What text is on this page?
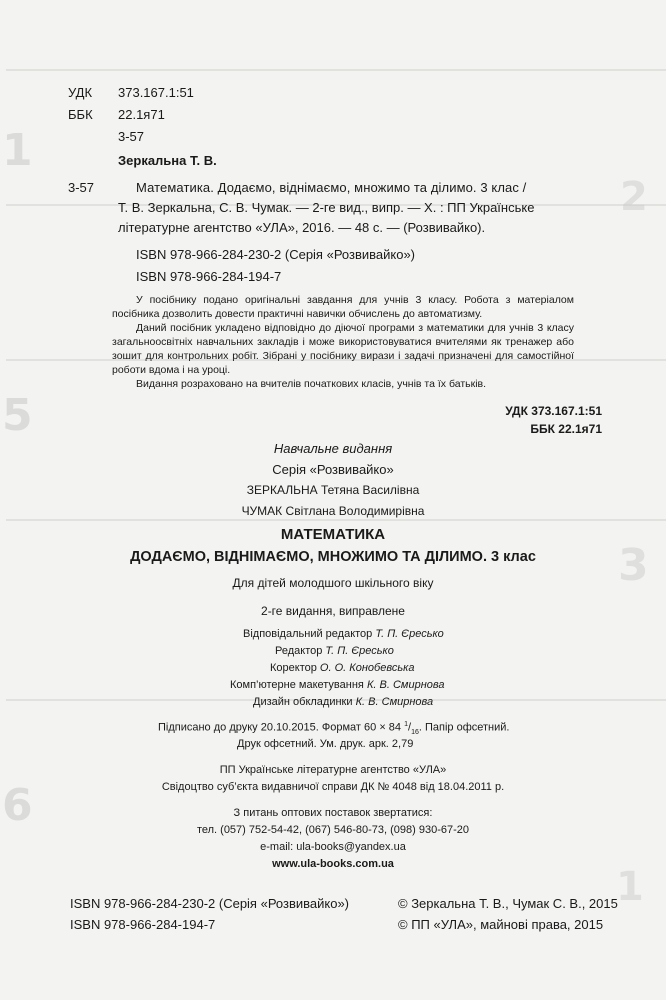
1
5
6
3
2
1
УДК 373.167.1:51
ББК 22.1я71
3-57
Зеркальна Т. В.
3-57	Математика. Додаємо, віднімаємо, множимо та ділимо. 3 клас /
Т. В. Зеркальна, С. В. Чумак. — 2-ге вид., випр. — Х. : ПП Українське
літературне агентство «УЛА», 2016. — 48 с. — (Розвивайко).
ISBN 978-966-284-230-2 (Серія «Розвивайко»)
ISBN 978-966-284-194-7

У посібнику подано оригінальні завдання для учнів 3 класу. Робота з матеріалом посібника дозволить довести практичні навички обчислень до автоматизму.

Даний посібник укладено відповідно до діючої програми з математики для учнів 3 класу загальноосвітніх навчальних закладів і може використовуватися вчителями як тренажер або зошит для контрольних робіт. Зібрані у посібнику вирази і задачі призначені для самостійної роботи вдома і на уроці.

Видання розраховано на вчителів початкових класів, учнів та їх батьків.

УДК 373.167.1:51
ББК 22.1я71
Навчальне видання
Серія «Розвивайко»
ЗЕРКАЛЬНА Тетяна Василівна
ЧУМАК Світлана Володимирівна
МАТЕМАТИКА
ДОДАЄМО, ВІДНІМАЄМО, МНОЖИМО ТА ДІЛИМО. 3 клас
Для дітей молодшого шкільного віку
2-ге видання, виправлене
Відповідальний редактор Т. П. Єресько
Редактор Т. П. Єресько
Коректор О. О. Конобевська
Комп’ютерне макетування К. В. Смирнова
Дизайн обкладинки К. В. Смирнова
Підписано до друку 20.10.2015. Формат 60 × 84 $^1/_{16}$. Папір офсетний.
Друк офсетний. Ум. друк. арк. 2,79
ПП Українське літературне агентство «УЛА»
Свідоцтво суб’єкта видавничої справи ДК № 4048 від 18.04.2011 р.
З питань оптових поставок звертатися:
тел. (057) 752-54-42, (067) 546-80-73, (098) 930-67-20
e-mail: ula-books@yandex.ua
www.ula-books.com.ua
ISBN 978-966-284-230-2 (Серія «Розвивайко»)
ISBN 978-966-284-194-7
© Зеркальна Т. В., Чумак С. В., 2015
© ПП «УЛА», майнові права, 2015
